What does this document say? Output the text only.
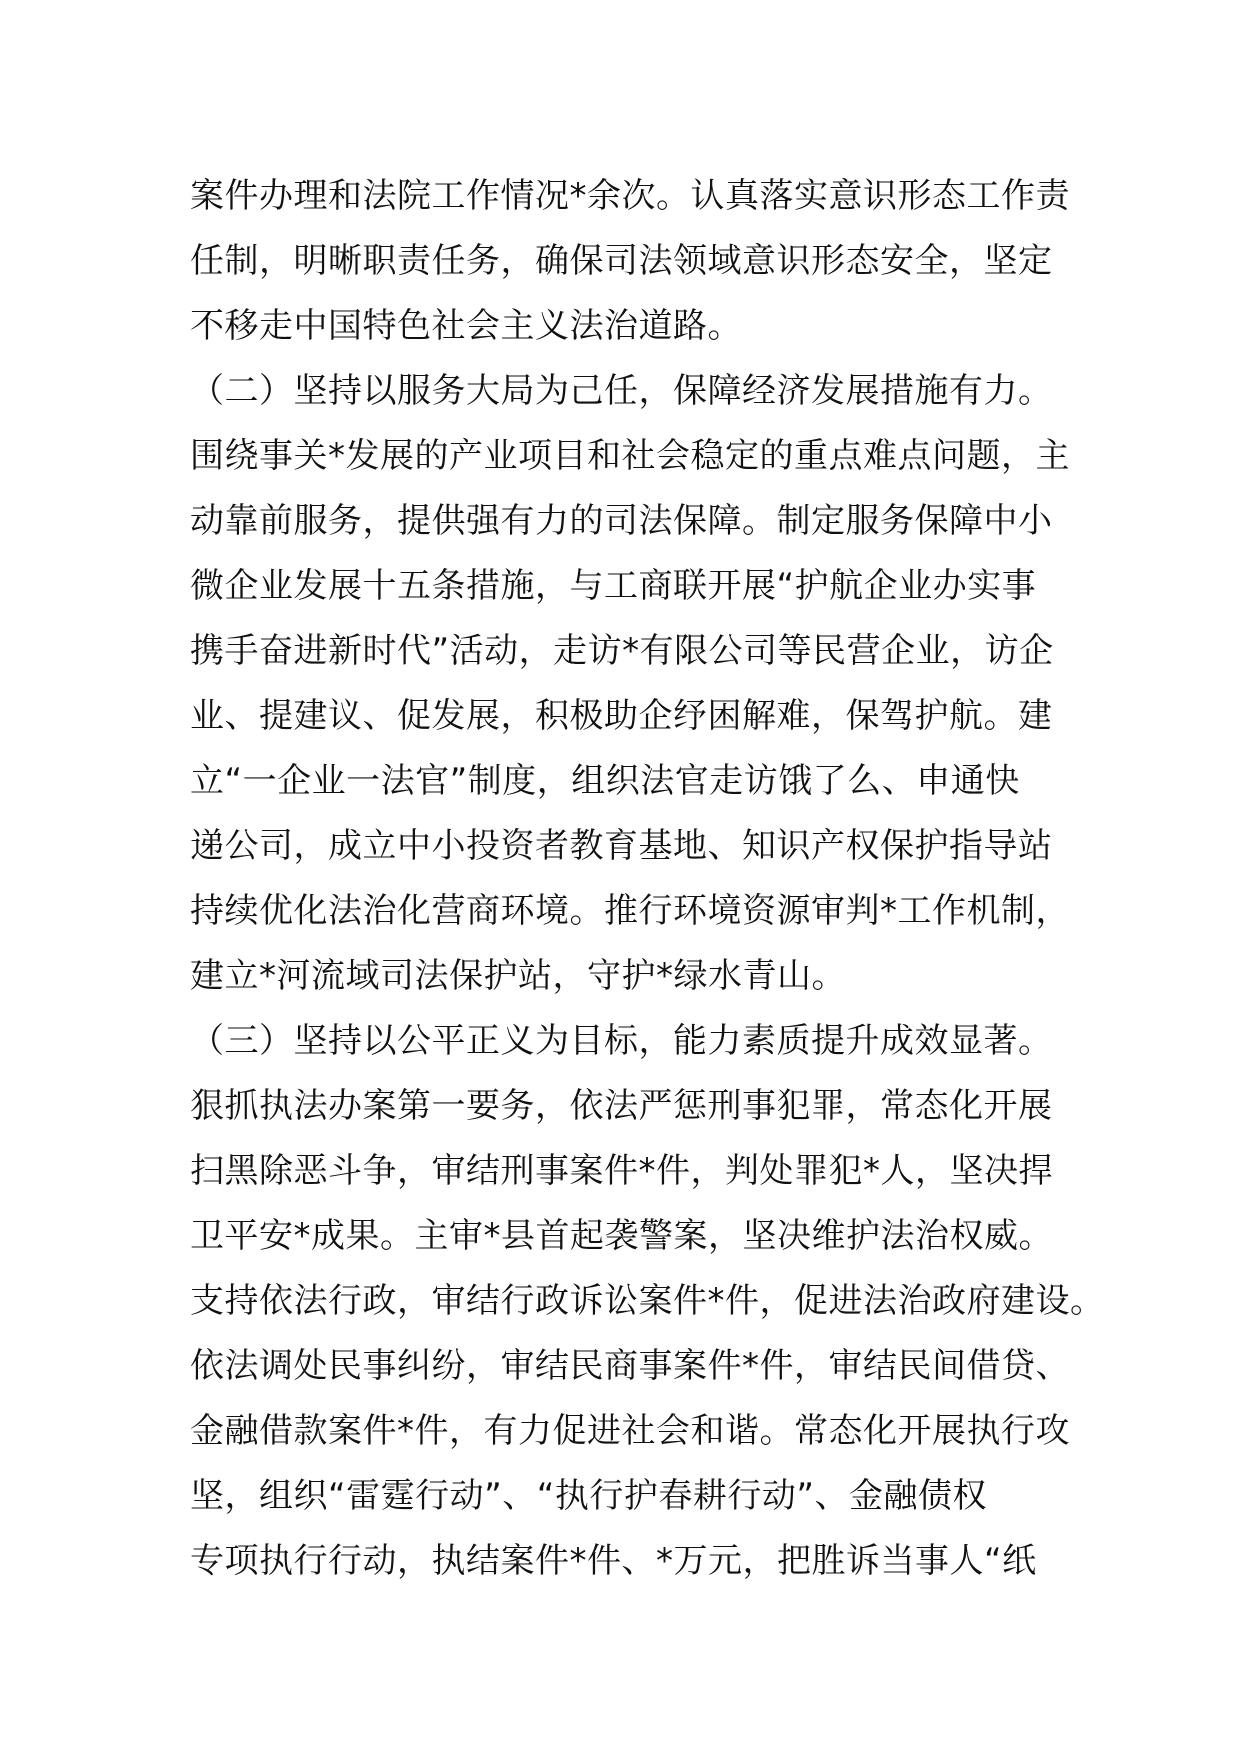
案件办理和法院工作情况*余次。认真落实意识形态工作责
任制，明晰职责任务，确保司法领域意识形态安全，坚定
不移走中国特色社会主义法治道路。
（二）坚持以服务大局为己任，保障经济发展措施有力。
围绕事关*发展的产业项目和社会稳定的重点难点问题，主
动靠前服务，提供强有力的司法保障。制定服务保障中小
微企业发展十五条措施，与工商联开展“护航企业办实事
携手奋进新时代”活动，走访*有限公司等民营企业，访企
业、提建议、促发展，积极助企纾困解难，保驾护航。建
立“一企业一法官”制度，组织法官走访饿了么、申通快
递公司，成立中小投资者教育基地、知识产权保护指导站
持续优化法治化营商环境。推行环境资源审判*工作机制，
建立*河流域司法保护站，守护*绿水青山。
（三）坚持以公平正义为目标，能力素质提升成效显著。
狠抓执法办案第一要务，依法严惩刑事犯罪，常态化开展
扫黑除恶斗争，审结刑事案件*件，判处罪犯*人，坚决捍
卫平安*成果。主审*县首起袭警案，坚决维护法治权威。
支持依法行政，审结行政诉讼案件*件，促进法治政府建设。
依法调处民事纠纷，审结民商事案件*件，审结民间借贷、
金融借款案件*件，有力促进社会和谐。常态化开展执行攻
坚，组织“雷霆行动”、“执行护春耕行动”、金融债权
专项执行行动，执结案件*件、*万元，把胜诉当事人“纸
